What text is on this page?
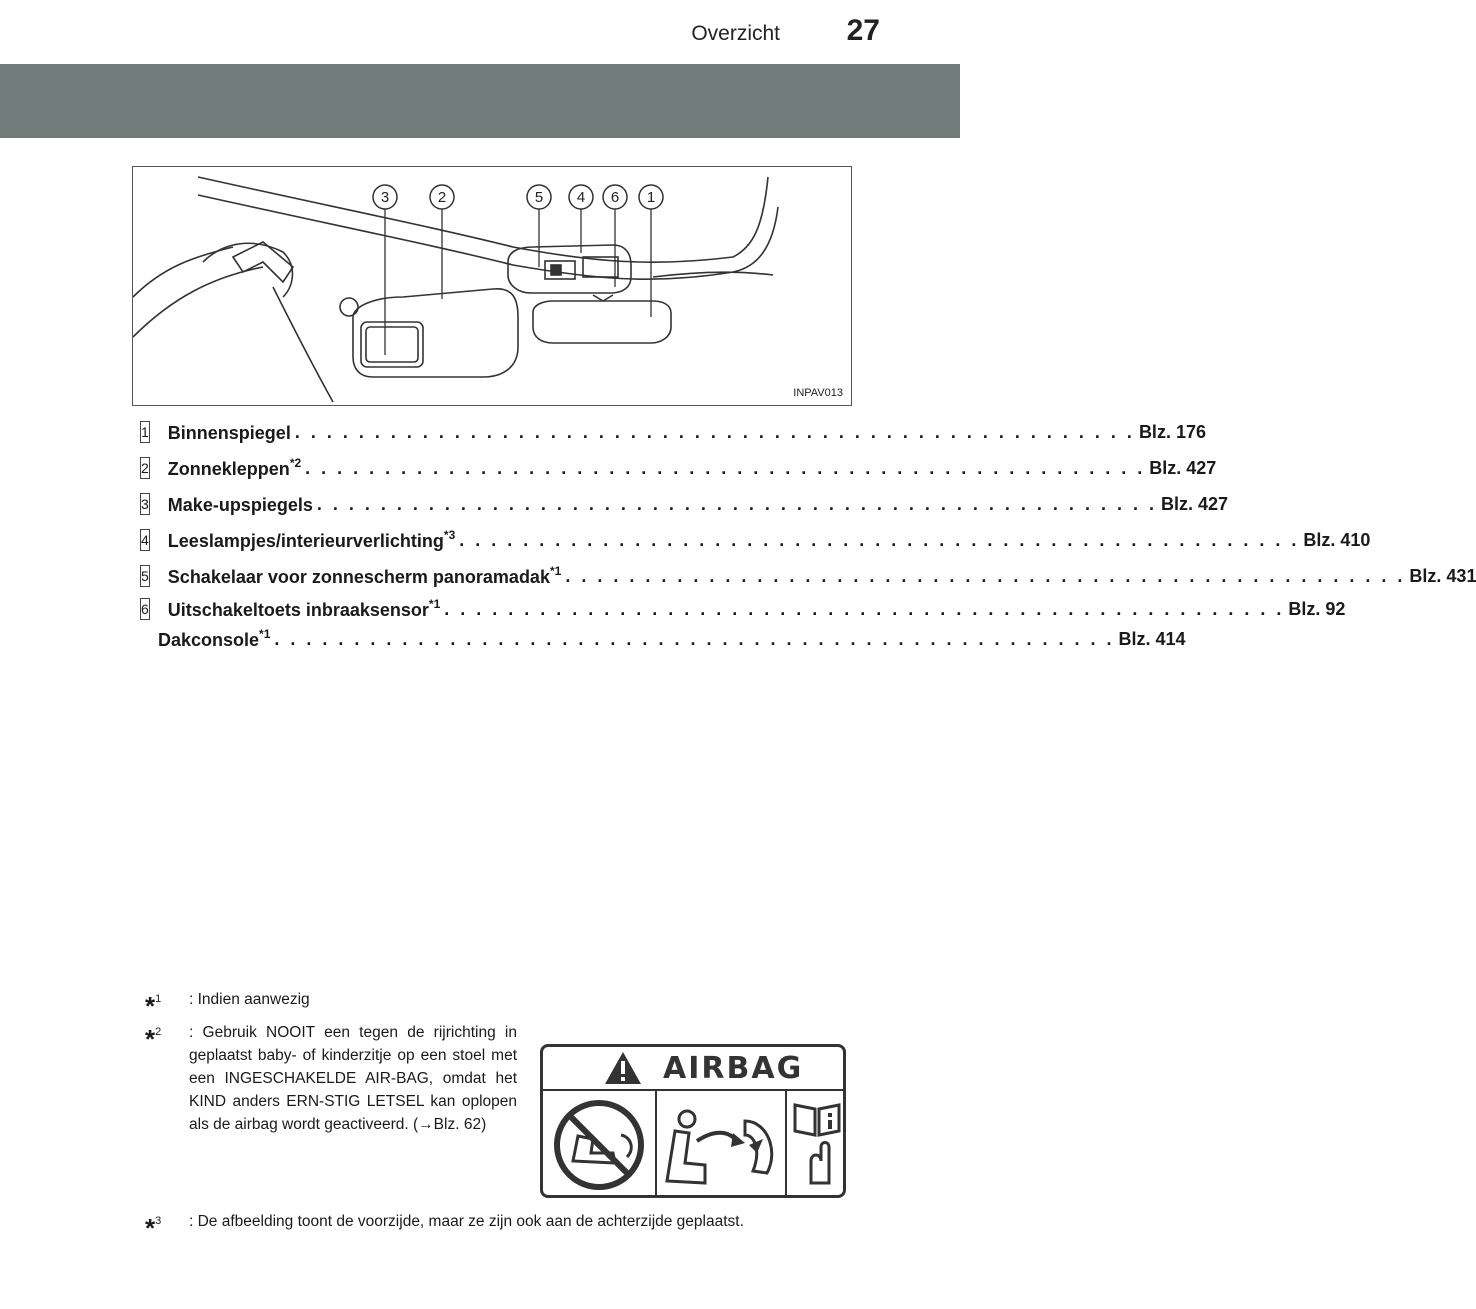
Overzicht 27
3	2	5 4 6 1
INPAV013
1 Binnenspiegel . . . . . . . . . . . . . . . . . . . . . . . . . . . . . . . . . . . . . . . . . . . . . . . . . . . . . Blz. 176
2 Zonnekleppen$^{*2}$ . . . . . . . . . . . . . . . . . . . . . . . . . . . . . . . . . . . . . . . . . . . . . . . . . . . . . Blz. 427
3 Make-upspiegels . . . . . . . . . . . . . . . . . . . . . . . . . . . . . . . . . . . . . . . . . . . . . . . . . . . . . Blz. 427
4 Leeslampjes/interieurverlichting$^{*3}$ . . . . . . . . . . . . . . . . . . . . . . . . . . . . . . . . . . . . . . . . . . . . . . . . . . . . . Blz. 410
5 Schakelaar voor zonnescherm panoramadak$^{*1}$ . . . . . . . . . . . . . . . . . . . . . . . . . . . . . . . . . . . . . . . . . . . . . . . . . . . . . Blz. 431
6 Uitschakeltoets inbraaksensor$^{*1}$ . . . . . . . . . . . . . . . . . . . . . . . . . . . . . . . . . . . . . . . . . . . . . . . . . . . . . Blz. 92
Dakconsole$^{*1}$ . . . . . . . . . . . . . . . . . . . . . . . . . . . . . . . . . . . . . . . . . . . . . . . . . . . . . Blz. 414
*$^1$	: Indien aanwezig
*$^2$	: Gebruik NOOIT een tegen de rijrichting in geplaatst baby- of kinderzitje op een stoel met een INGESCHAKELDE AIR-BAG, omdat het KIND anders ERN-STIG LETSEL kan oplopen als de airbag wordt geactiveerd. (→Blz. 62)
*$^3$	: De afbeelding toont de voorzijde, maar ze zijn ook aan de achterzijde geplaatst.
AIRBAG
